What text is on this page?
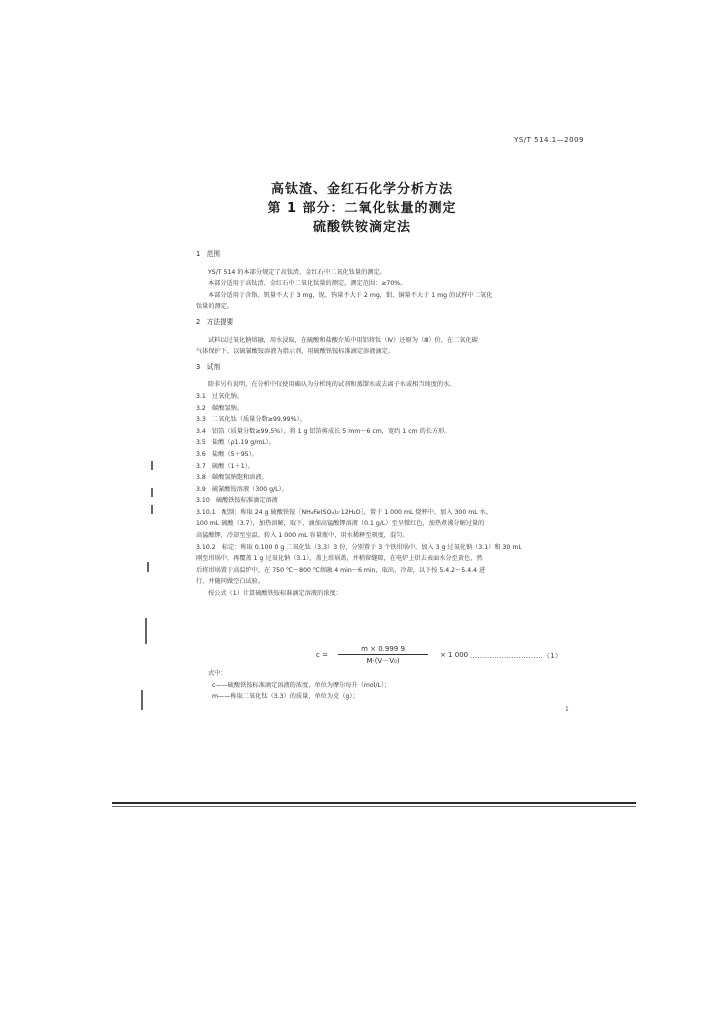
YS/T 514.1—2009
高钛渣、金红石化学分析方法
第 1 部分：二氧化钛量的测定
硫酸铁铵滴定法
1　范围
YS/T 514 的本部分规定了高钛渣、金红石中二氧化钛量的测定。
本部分适用于高钛渣、金红石中二氧化钛量的测定。测定范围：≥70%。
本部分适用于含铬、钒量不大于 3 mg，铌、钨量不大于 2 mg，钼、铜量不大于 1 mg 的试样中二氧化
钛量的测定。
2　方法提要
试料以过氧化钠熔融，用水浸取，在硫酸和盐酸介质中用铝将钛（Ⅳ）还原为（Ⅲ）价，在二氧化碳
气体保护下，以硫氰酸铵溶液为指示剂，用硫酸铁铵标准滴定溶液滴定。
3　试剂
除非另有说明，在分析中仅使用确认为分析纯的试剂和蒸馏水或去离子水或相当纯度的水。
3.1　过氧化钠。
3.2　碳酸氢钠。
3.3　二氧化钛（质量分数≥99.99%）。
3.4　铝箔（质量分数≥99.5%），将 1 g 铝箔剪成长 5 mm～6 cm，宽约 1 cm 的长方形。
3.5　盐酸（ρ1.19 g/mL）。
3.6　盐酸（5＋95）。
3.7　硫酸（1＋1）。
3.8　碳酸氢钠饱和溶液。
3.9　硫氰酸铵溶液（300 g/L）。
3.10　硫酸铁铵标准滴定溶液
3.10.1　配制：称取 24 g 硫酸铁铵［NH₄Fe(SO₄)₂·12H₂O］，置于 1 000 mL 烧杯中，加入 300 mL 水、
100 mL 硫酸（3.7），加热溶解，取下，滴加高锰酸钾溶液（0.1 g/L）至呈微红色，加热煮沸分解过量的
高锰酸钾，冷却至室温，转入 1 000 mL 容量瓶中，用水稀释至刻度，混匀。
3.10.2　标定：称取 0.100 0 g 二氧化钛（3.3）3 份，分别置于 3 个铁坩埚中，加入 3 g 过氧化钠（3.1）和 30 mL
刚至坩埚中，再覆盖 1 g 过氧化钠（3.1），盖上坩埚盖，并稍留缝隙，在电炉上烘去表面水分至黄色，然
后将坩埚置于高温炉中，在 750 ℃～800 ℃熔融 4 min～6 min，取出，冷却，以下按 5.4.2～5.4.4 进
行，并随同做空白试验。
按公式（1）计算硫酸铁铵标准滴定溶液的浓度：
$c = \frac{m \times 0.999 9}{\text{M·(V－V₀)}} \times 1$ 000 …………………………（1）
式中：
c——硫酸铁铵标准滴定溶液的浓度，单位为摩尔每升（mol/L）；
m——称取二氧化钛（3.3）的质量，单位为克（g）；
1
